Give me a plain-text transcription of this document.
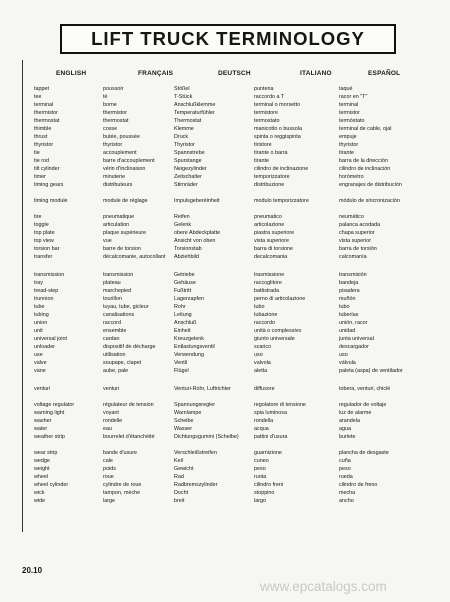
LIFT TRUCK TERMINOLOGY
ENGLISH	FRANÇAIS	DEUTSCH	ITALIANO	ESPAÑOL
tappet	poussoir	Stößel	punteria	taqué
tee	té	T-Stück	raccordo a T	racor en "T"
terminal	borne	Anschlußklemme	terminal o morsetto	terminal
thermistor	thermistor	Temperaturfühler	termistore	termistor
thermostat	thermostat	Thermostat	termostato	termóstato
thimble	cosse	Klemme	manicotto o bussola	terminal de cable, ojal
thrust	butée, poussée	Druck	spinta o reggispinta	empuje
thyristor	thyristor	Thyristor	tiristore	thyristor
tie	accouplement	Spannstrebe	tirante o barra	tirante
tie rod	barre d'accouplement	Spurstange	tirante	barra de la dirección
tilt cylinder	vérin d'inclinaison	Neigezylinder	cilindro de inclinazione	cilindro de inclinación
timer	minuterie	Zeitschalter	temporizzatore	horómetro
timing gears	distributeurs	Stirnräder	distribuzione	engranajes de distribución
timing module	module de réglage	Impulsgeberéinheit	modulo temporizzatore	módulo de sincronización
tire	pneumatique	Reifen	pneumatico	neumático
toggle	articulation	Gelenk	articolazione	palanca acodada
top plate	plaque supérieure	obere Abdeckplatte	piastra superiore	chapa superior
top view	vue	Ansicht von oben	vista superiore	vista superior
torsion bar	barre de torsion	Torsionstab	barra di torsione	barra de torsión
transfer	décalcomanie, autocollant	Abziehbild	decalcomania	calcomanía
transmission	transmission	Getriebe	trasmissione	transmisión
tray	plateau	Gehäuse	raccoglitore	bandeja
tread-step	marchepied	Fußtritt	battistrada	pisadera
trunnion	tourillon	Lagerzapfen	perno di articolazione	muñón
tube	tuyau, tube, gicleur	Rohr	tubo	tubo
tubing	canalisations	Leitung	tubazione	tuberías
union	raccord	Anschluß	raccordo	unión, racor
unit	ensemble	Einheit	unità o complessivo	unidad
universal joint	cardan	Kreuzgelenk	giunto universale	junta universal
unloader	dispositif de décharge	Entlastungsventil	scarico	descargador
use	utilisation	Verwendung	uso	uso
valve	soupape, clapet	Ventil	valvola	válvula
vane	aube, pale	Flügel	aletta	paleta (aspa) de ventilador
venturi	venturi	Venturi-Rohr, Luftrichter	diffusore	tobera, venturi, chiclé
voltage regulator	régulateur de tension	Spannungsregler	regolatore di tensione	regulador de voltaje
warning light	voyant	Warnlampe	spia luminosa	luz de alarme
washer	rondelle	Scheibe	rondella	arandela
water	eau	Wasser	acqua	agua
weather strip	bourrelet d'étanchéité	Dichtungsgummi (Schelbe)	pattini d'usura	burlete
wear strip	bande d'usure	Verschleißstreifen	guarnizione	plancha de desgaste
wedge	cale	Keil	cuneo	cuña
weight	poids	Gewicht	peso	peso
wheel	roue	Rad	ruota	rueda
wheel cylinder	cylindre de roue	Radbremszylinder	cilindro freni	cilindro de freno
wick	tampon, mèche	Docht	stoppino	mecha
wide	large	breit	largo	ancho
20.10
www.epcatalogs.com
